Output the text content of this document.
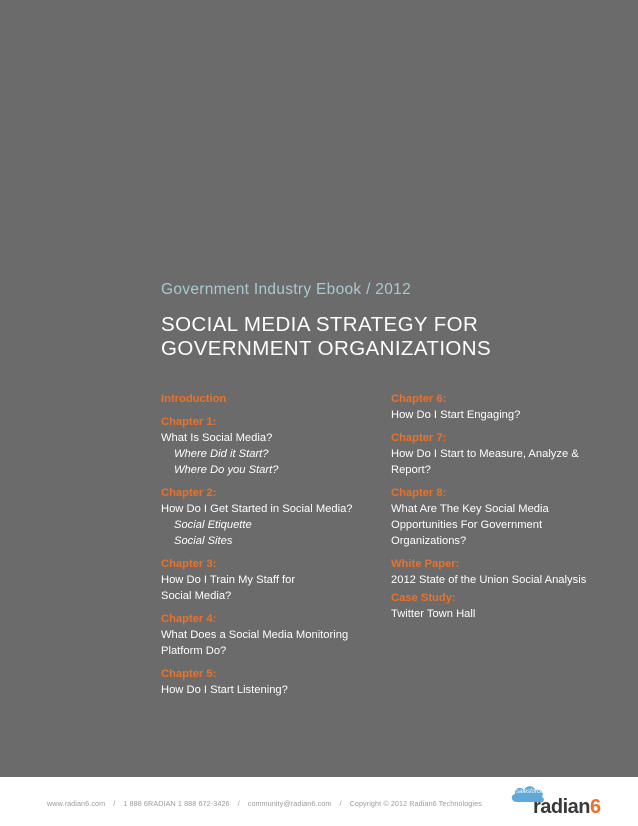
Government Industry Ebook / 2012
SOCIAL MEDIA STRATEGY FOR
GOVERNMENT ORGANIZATIONS
Introduction
Chapter 1:
What Is Social Media?
Where Did it Start?
Where Do you Start?
Chapter 2:
How Do I Get Started in Social Media?
Social Etiquette
Social Sites
Chapter 3:
How Do I Train My Staff for
Social Media?
Chapter 4:
What Does a Social Media Monitoring
Platform Do?
Chapter 5:
How Do I Start Listening?
Chapter 6:
How Do I Start Engaging?
Chapter 7:
How Do I Start to Measure, Analyze &
Report?
Chapter 8:
What Are The Key Social Media
Opportunities For Government
Organizations?
White Paper:
2012 State of the Union Social Analysis
Case Study:
Twitter Town Hall
www.radian6.com / 1 888 6RADIAN 1 888 672-3426 / community@radian6.com / Copyright © 2012 Radian6 Technologies
salesforce
radian6
